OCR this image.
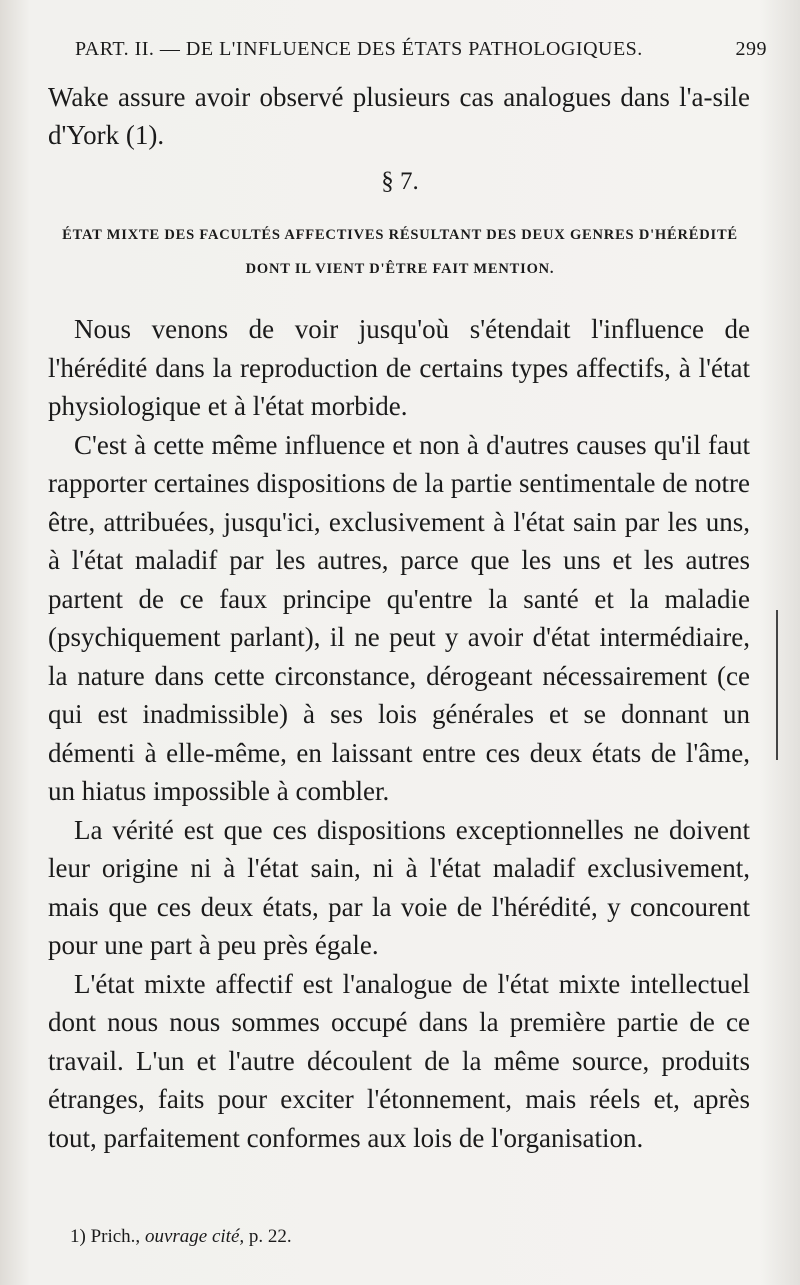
PART. II. — DE L'INFLUENCE DES ÉTATS PATHOLOGIQUES.	299
Wake assure avoir observé plusieurs cas analogues dans l'a-sile d'York (1).
§ 7.
ÉTAT MIXTE DES FACULTÉS AFFECTIVES RÉSULTANT DES DEUX GENRES D'HÉRÉDITÉ DONT IL VIENT D'ÊTRE FAIT MENTION.

Nous venons de voir jusqu'où s'étendait l'influence de l'hérédité dans la reproduction de certains types affectifs, à l'état physiologique et à l'état morbide.

C'est à cette même influence et non à d'autres causes qu'il faut rapporter certaines dispositions de la partie sentimentale de notre être, attribuées, jusqu'ici, exclusivement à l'état sain par les uns, à l'état maladif par les autres, parce que les uns et les autres partent de ce faux principe qu'entre la santé et la maladie (psychiquement parlant), il ne peut y avoir d'état intermédiaire, la nature dans cette circonstance, dérogeant nécessairement (ce qui est inadmissible) à ses lois générales et se donnant un démenti à elle-même, en laissant entre ces deux états de l'âme, un hiatus impossible à combler.

La vérité est que ces dispositions exceptionnelles ne doivent leur origine ni à l'état sain, ni à l'état maladif exclusivement, mais que ces deux états, par la voie de l'hérédité, y concourent pour une part à peu près égale.

L'état mixte affectif est l'analogue de l'état mixte intellectuel dont nous nous sommes occupé dans la première partie de ce travail. L'un et l'autre découlent de la même source, produits étranges, faits pour exciter l'étonnement, mais réels et, après tout, parfaitement conformes aux lois de l'organisation.

1) Prich., ouvrage cité, p. 22.
